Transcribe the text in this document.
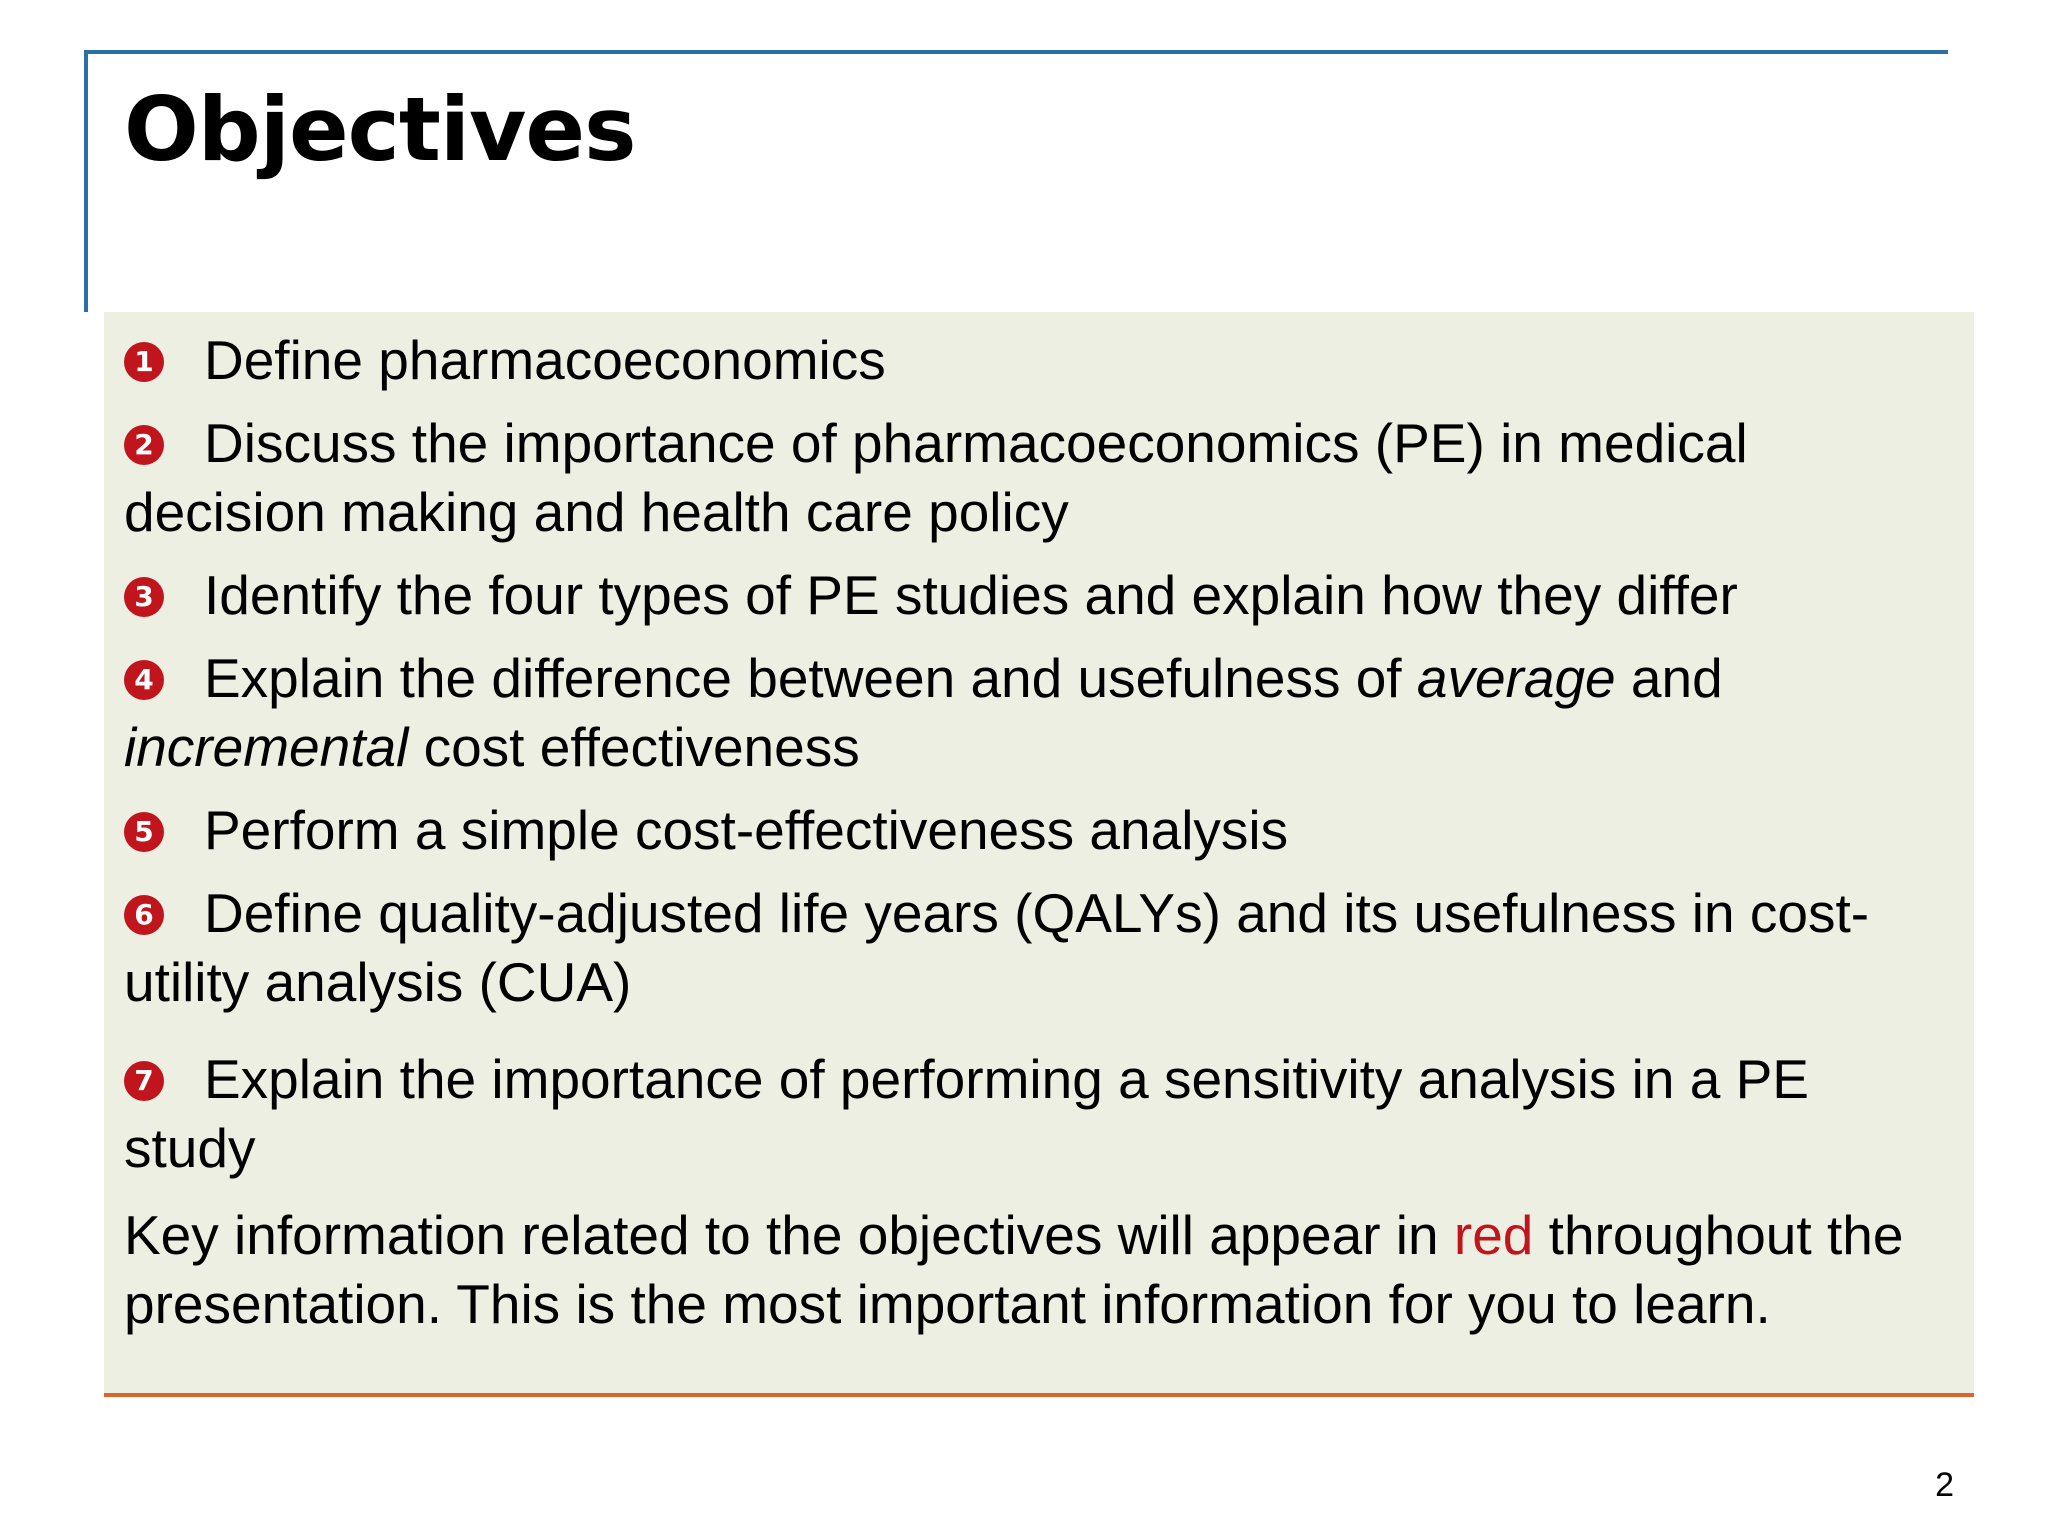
Objectives
1 Define pharmacoeconomics
2 Discuss the importance of pharmacoeconomics (PE) in medical decision making and health care policy
3 Identify the four types of PE studies and explain how they differ
4 Explain the difference between and usefulness of average and incremental cost effectiveness
5 Perform a simple cost-effectiveness analysis
6 Define quality-adjusted life years (QALYs) and its usefulness in cost-utility analysis (CUA)
7 Explain the importance of performing a sensitivity analysis in a PE study

Key information related to the objectives will appear in red throughout the presentation. This is the most important information for you to learn.

2
